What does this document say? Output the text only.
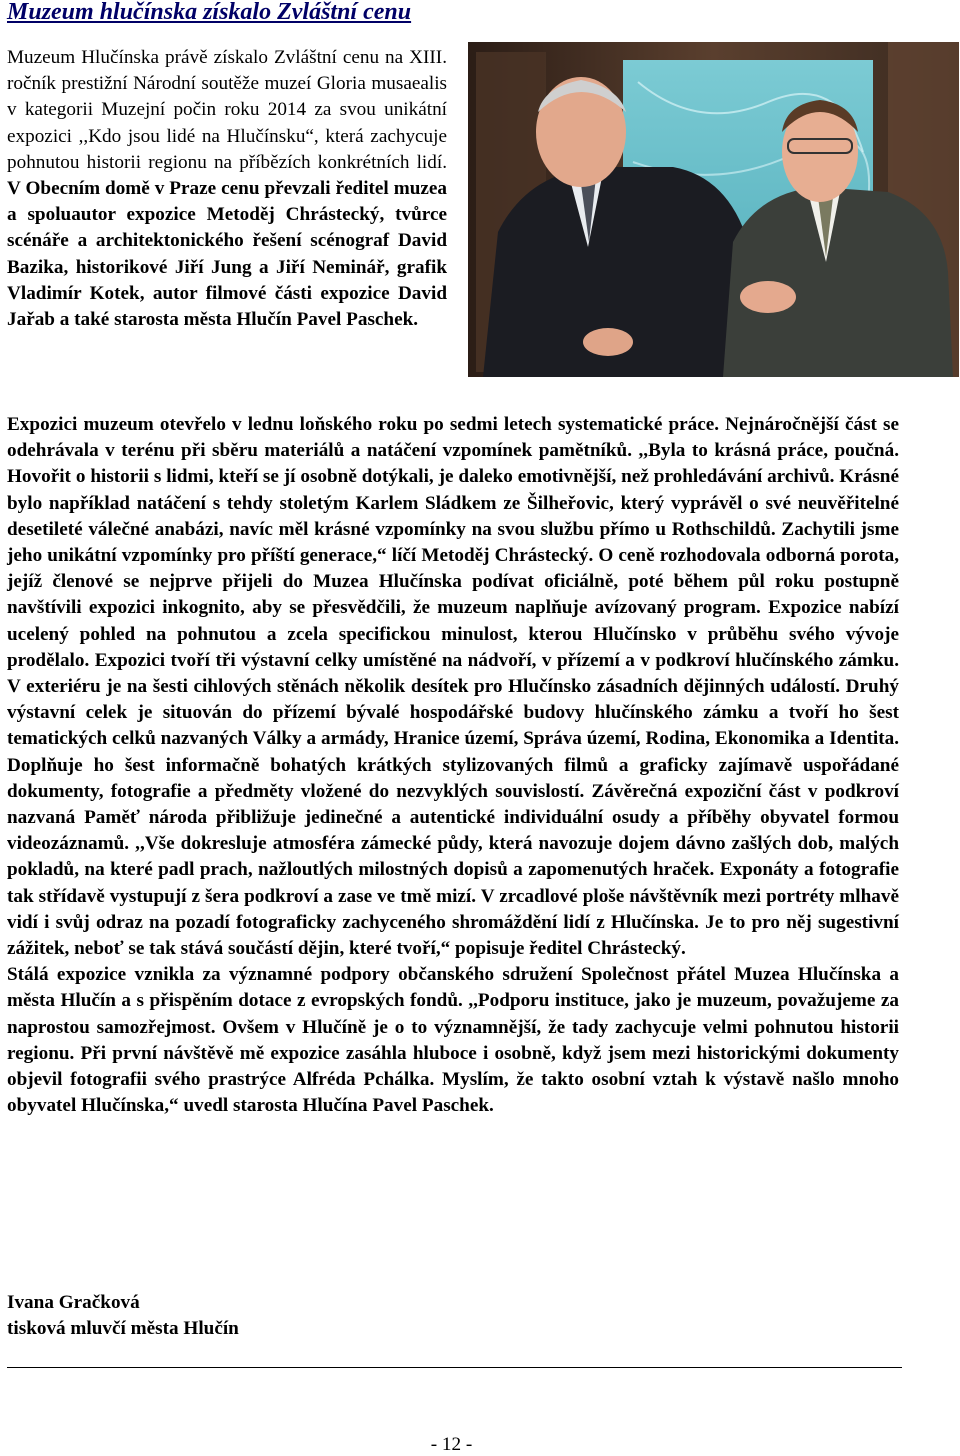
Muzeum hlučínska získalo Zvláštní cenu
Muzeum Hlučínska právě získalo Zvláštní cenu na XIII. ročník prestižní Národní soutěže muzeí Gloria musaealis v kategorii Muzejní počin roku 2014 za svou unikátní expozici ,,Kdo jsou lidé na Hlučínsku“, která zachycuje pohnutou historii regionu na příbězích konkrétních lidí. V Obecním domě v Praze cenu převzali ředitel muzea a spoluautor expozice Metoděj Chrástecký, tvůrce scénáře a architektonického řešení scénograf David Bazika, historikové Jiří Jung a Jiří Neminář, grafik Vladimír Kotek, autor filmové části expozice David Jařab a také starosta města Hlučín Pavel Paschek.

Expozici muzeum otevřelo v lednu loňského roku po sedmi letech systematické práce. Nejnáročnější část se odehrávala v terénu při sběru materiálů a natáčení vzpomínek pamětníků. ,,Byla to krásná práce, poučná. Hovořit o historii s lidmi, kteří se jí osobně dotýkali, je daleko emotivnější, než prohledávání archivů. Krásné bylo například natáčení s tehdy stoletým Karlem Sládkem ze Šilheřovic, který vyprávěl o své neuvěřitelné desetileté válečné anabázi, navíc měl krásné vzpomínky na svou službu přímo u Rothschildů. Zachytili jsme jeho unikátní vzpomínky pro příští generace,“ líčí Metoděj Chrástecký. O ceně rozhodovala odborná porota, jejíž členové se nejprve přijeli do Muzea Hlučínska podívat oficiálně, poté během půl roku postupně navštívili expozici inkognito, aby se přesvědčili, že muzeum naplňuje avízovaný program. Expozice nabízí ucelený pohled na pohnutou a zcela specifickou minulost, kterou Hlučínsko v průběhu svého vývoje prodělalo. Expozici tvoří tři výstavní celky umístěné na nádvoří, v přízemí a v podkroví hlučínského zámku. V exteriéru je na šesti cihlových stěnách několik desítek pro Hlučínsko zásadních dějinných událostí. Druhý výstavní celek je situován do přízemí bývalé hospodářské budovy hlučínského zámku a tvoří ho šest tematických celků nazvaných Války a armády, Hranice území, Správa území, Rodina, Ekonomika a Identita. Doplňuje ho šest informačně bohatých krátkých stylizovaných filmů a graficky zajímavě uspořádané dokumenty, fotografie a předměty vložené do nezvyklých souvislostí. Závěrečná expoziční část v podkroví nazvaná Paměť národa přibližuje jedinečné a autentické individuální osudy a příběhy obyvatel formou videozáznamů. ,,Vše dokresluje atmosféra zámecké půdy, která navozuje dojem dávno zašlých dob, malých pokladů, na které padl prach, nažloutlých milostných dopisů a zapomenutých hraček. Exponáty a fotografie tak střídavě vystupují z šera podkroví a zase ve tmě mizí. V zrcadlové ploše návštěvník mezi portréty mlhavě vidí i svůj odraz na pozadí fotograficky zachyceného shromáždění lidí z Hlučínska. Je to pro něj sugestivní zážitek, neboť se tak stává součástí dějin, které tvoří,“ popisuje ředitel Chrástecký.

Stálá expozice vznikla za významné podpory občanského sdružení Společnost přátel Muzea Hlučínska a města Hlučín a s přispěním dotace z evropských fondů. ,,Podporu instituce, jako je muzeum, považujeme za naprostou samozřejmost. Ovšem v Hlučíně je o to významnější, že tady zachycuje velmi pohnutou historii regionu. Při první návštěvě mě expozice zasáhla hluboce i osobně, když jsem mezi historickými dokumenty objevil fotografii svého prastrýce Alfréda Pchálka. Myslím, že takto osobní vztah k výstavě našlo mnoho obyvatel Hlučínska,“ uvedl starosta Hlučína Pavel Paschek.

Ivana Gračková
tisková mluvčí města Hlučín
- 12 -
